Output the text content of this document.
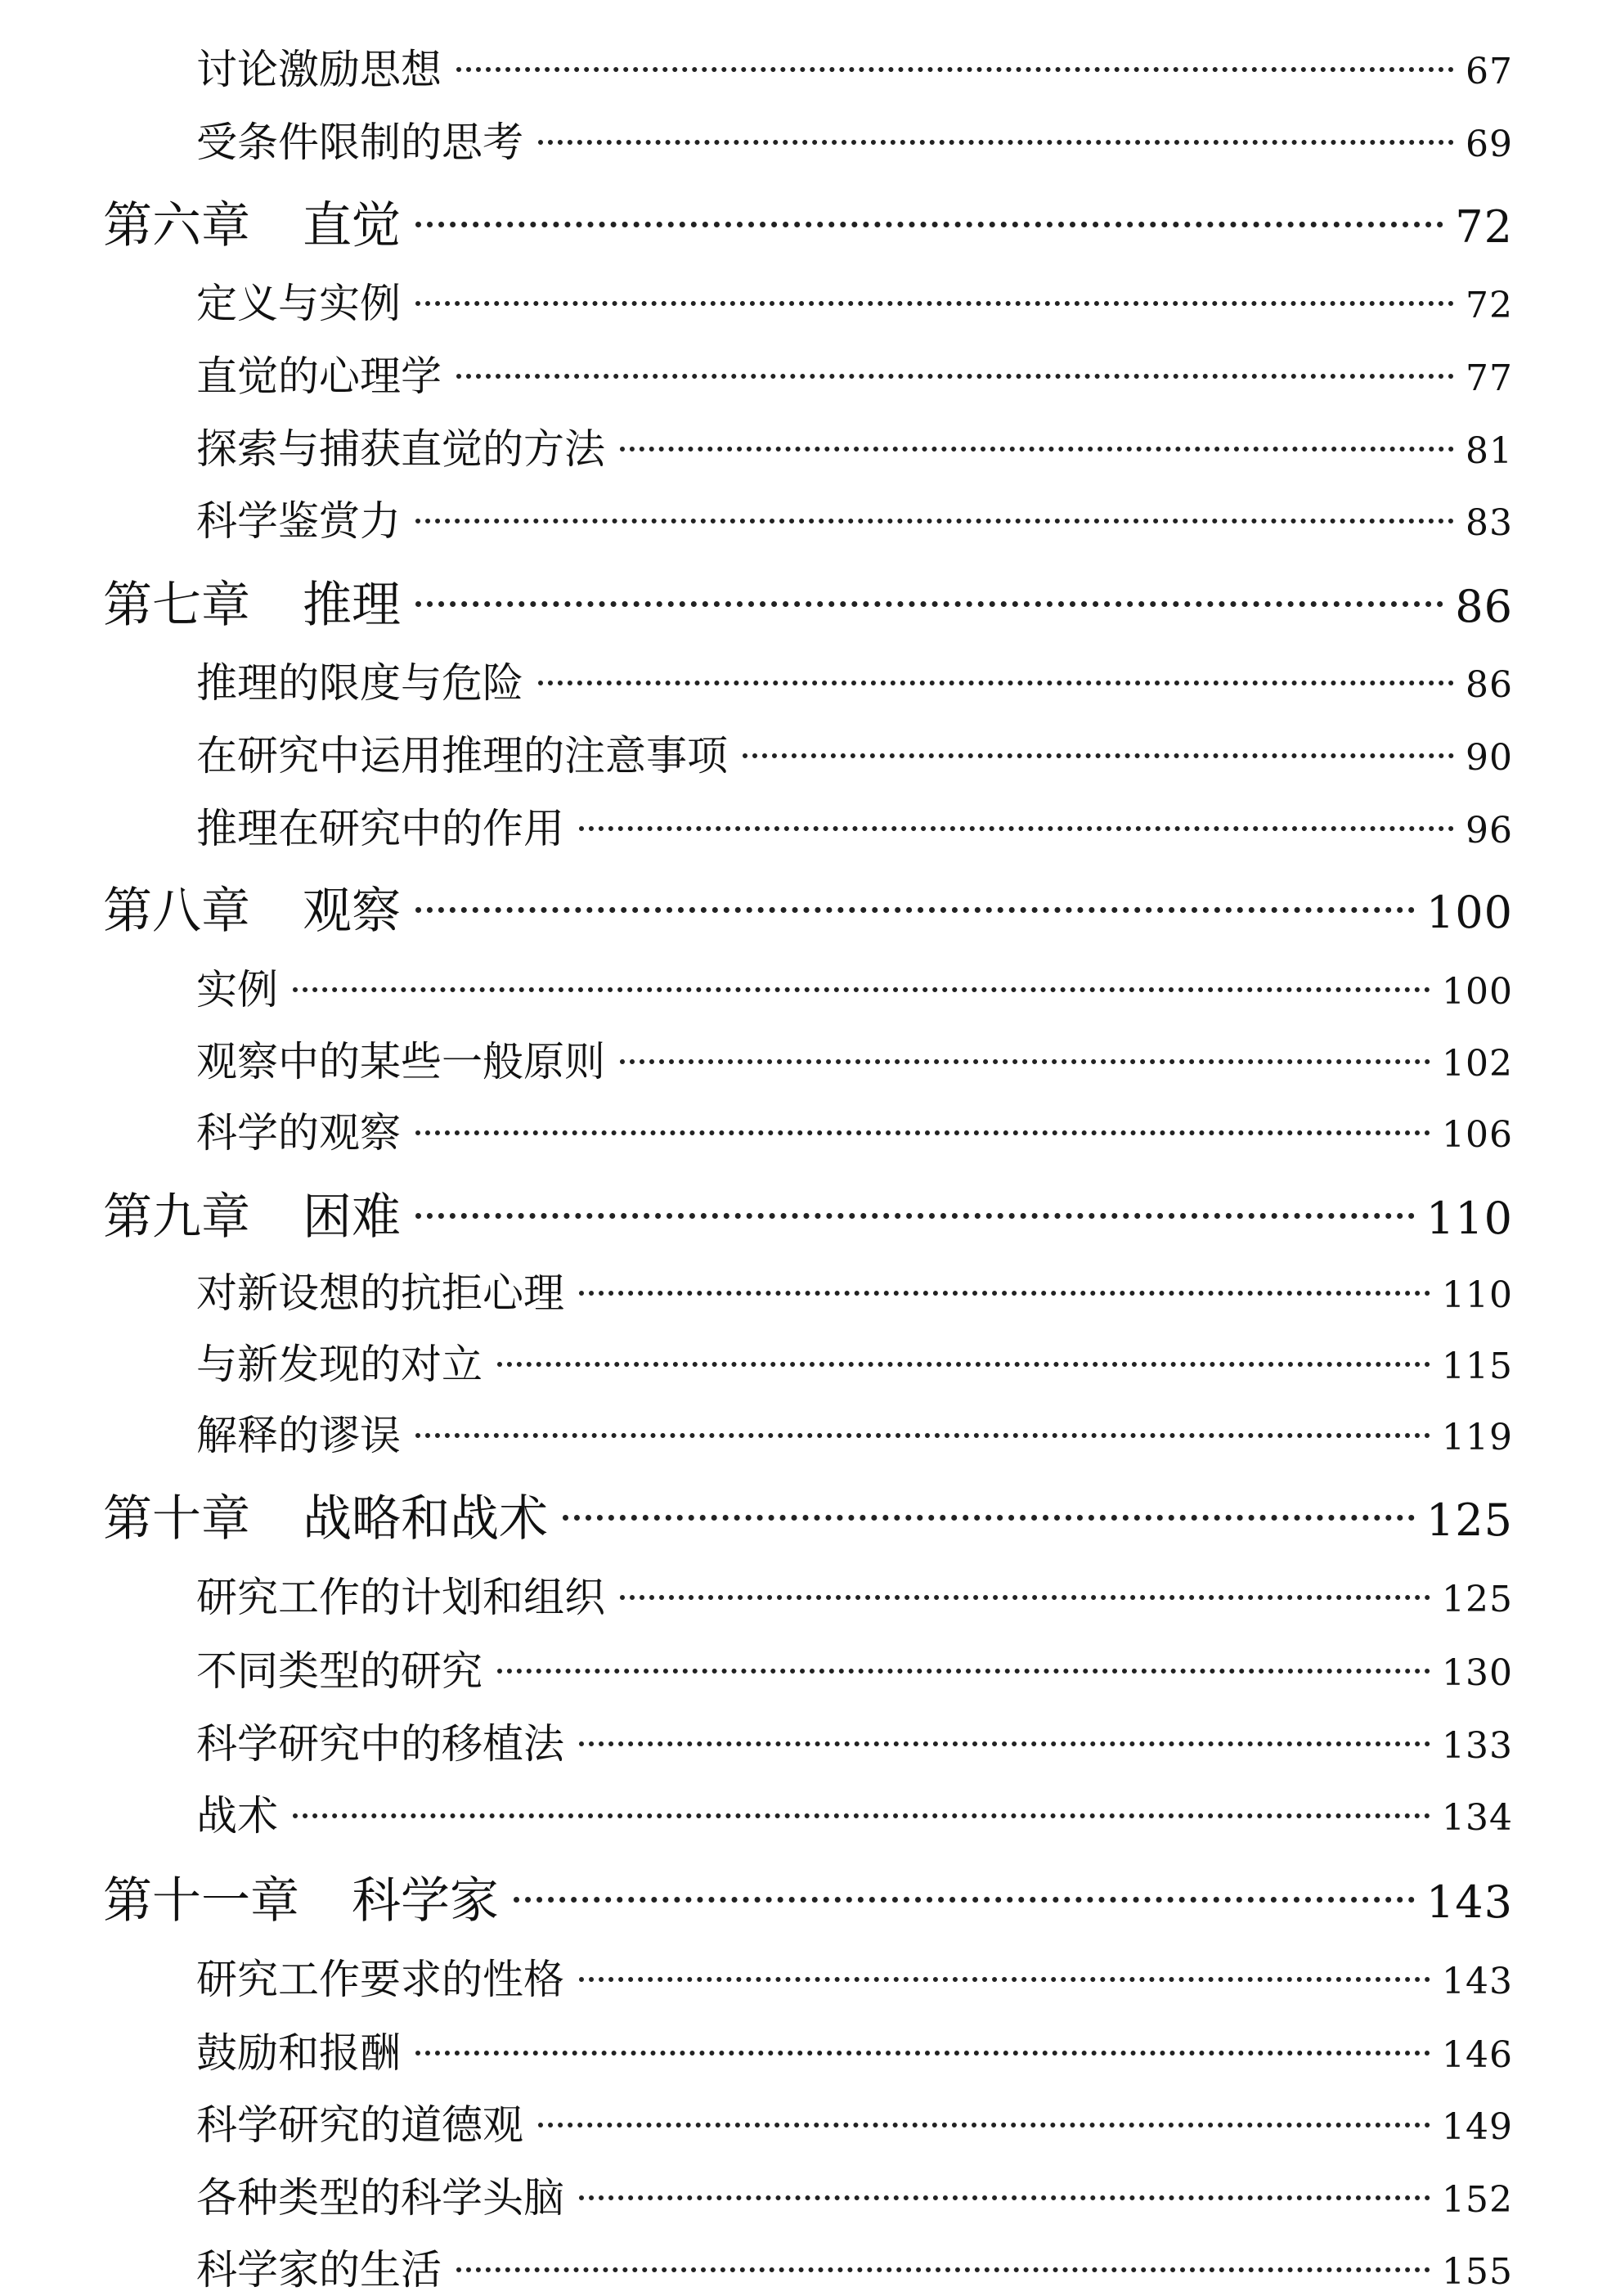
讨论激励思想	67
受条件限制的思考	69
第六章 直觉	72
定义与实例	72
直觉的心理学	77
探索与捕获直觉的方法	81
科学鉴赏力	83
第七章 推理	86
推理的限度与危险	86
在研究中运用推理的注意事项	90
推理在研究中的作用	96
第八章 观察	100
实例	100
观察中的某些一般原则	102
科学的观察	106
第九章 困难	110
对新设想的抗拒心理	110
与新发现的对立	115
解释的谬误	119
第十章 战略和战术	125
研究工作的计划和组织	125
不同类型的研究	130
科学研究中的移植法	133
战术	134
第十一章 科学家	143
研究工作要求的性格	143
鼓励和报酬	146
科学研究的道德观	149
各种类型的科学头脑	152
科学家的生活	155
